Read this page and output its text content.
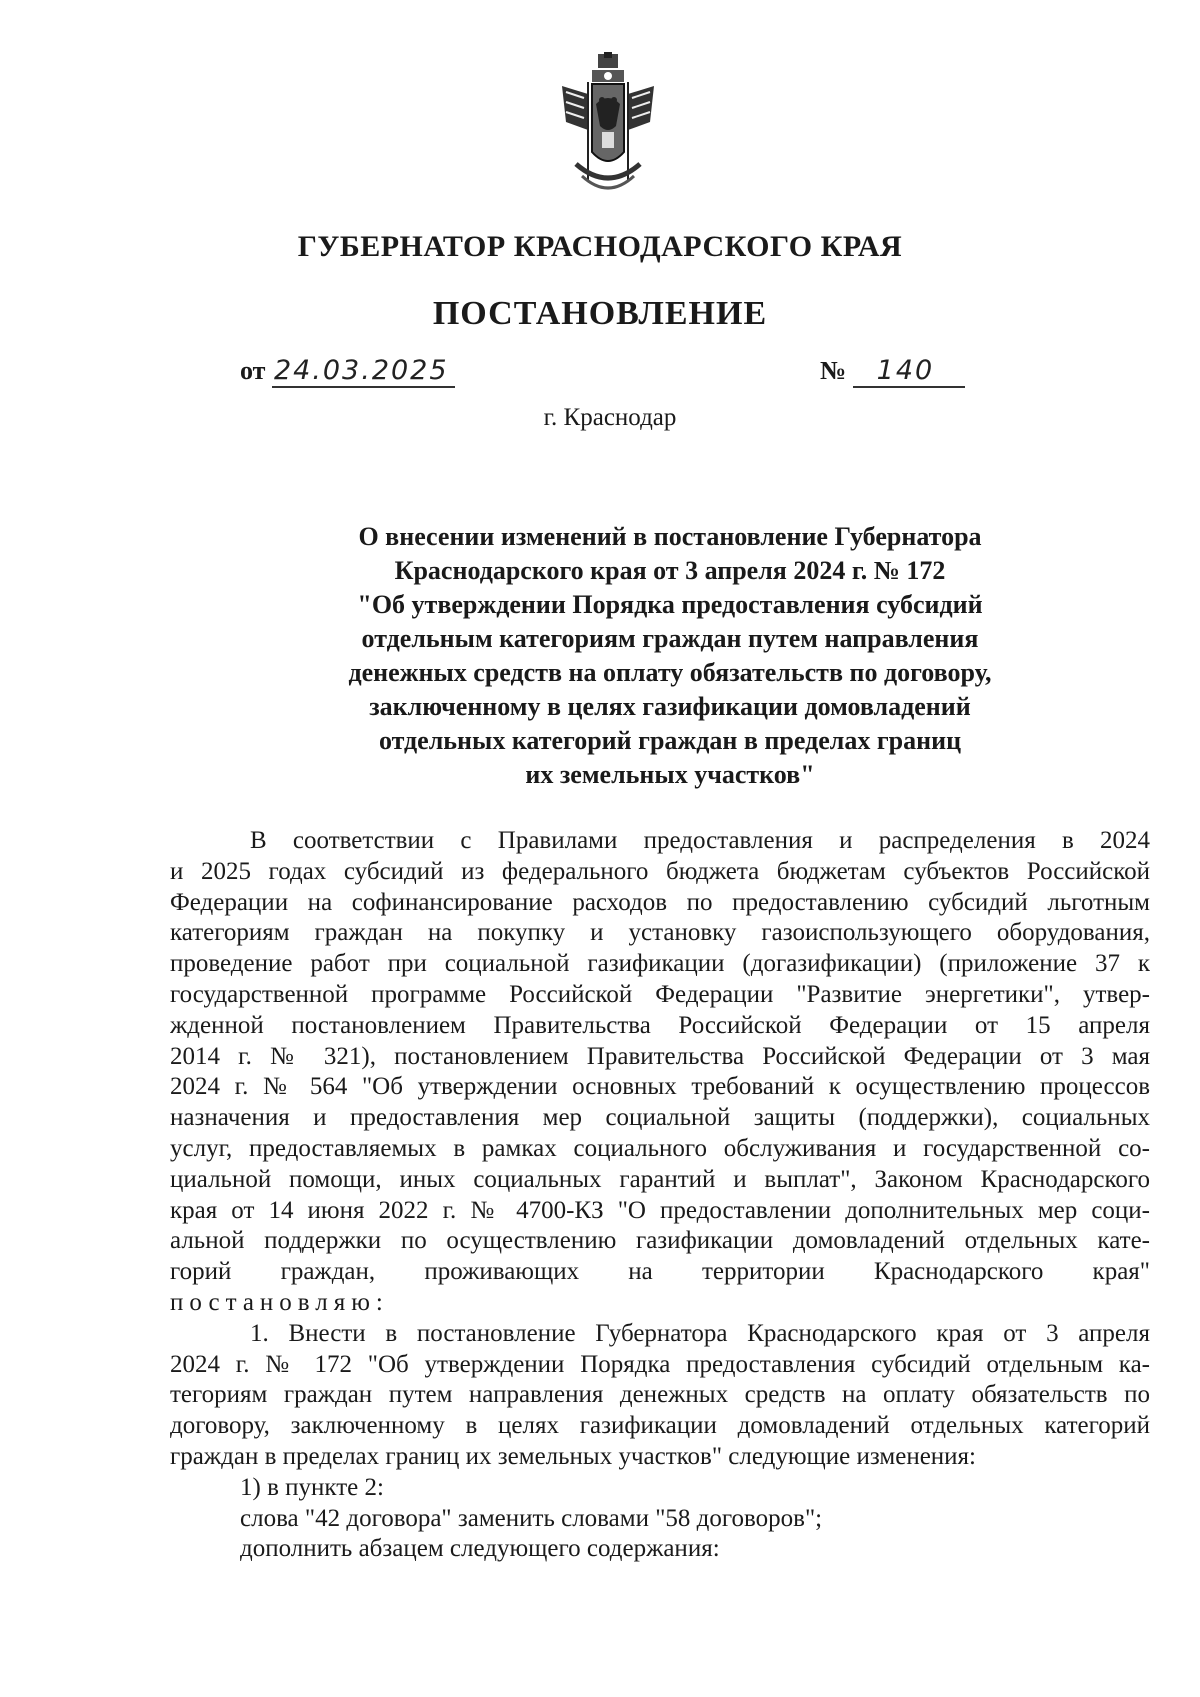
ГУБЕРНАТОР КРАСНОДАРСКОГО КРАЯ
ПОСТАНОВЛЕНИЕ
от 24.03.2025	№ 140
г. Краснодар
О внесении изменений в постановление Губернатора
Краснодарского края от 3 апреля 2024 г. № 172
"Об утверждении Порядка предоставления субсидий
отдельным категориям граждан путем направления
денежных средств на оплату обязательств по договору,
заключенному в целях газификации домовладений
отдельных категорий граждан в пределах границ
их земельных участков"
В соответствии с Правилами предоставления и распределения в 2024
и 2025 годах субсидий из федерального бюджета бюджетам субъектов Российской
Федерации на софинансирование расходов по предоставлению субсидий льготным
категориям граждан на покупку и установку газоиспользующего оборудования,
проведение работ при социальной газификации (догазификации) (приложение 37 к
государственной программе Российской Федерации "Развитие энергетики", утвер-
жденной постановлением Правительства Российской Федерации от 15 апреля
2014 г. № 321), постановлением Правительства Российской Федерации от 3 мая
2024 г. № 564 "Об утверждении основных требований к осуществлению процессов
назначения и предоставления мер социальной защиты (поддержки), социальных
услуг, предоставляемых в рамках социального обслуживания и государственной со-
циальной помощи, иных социальных гарантий и выплат", Законом Краснодарского
края от 14 июня 2022 г. № 4700-КЗ "О предоставлении дополнительных мер соци-
альной поддержки по осуществлению газификации домовладений отдельных кате-
горий граждан, проживающих на территории Краснодарского края"
постановляю:
1. Внести в постановление Губернатора Краснодарского края от 3 апреля
2024 г. № 172 "Об утверждении Порядка предоставления субсидий отдельным ка-
тегориям граждан путем направления денежных средств на оплату обязательств по
договору, заключенному в целях газификации домовладений отдельных категорий
граждан в пределах границ их земельных участков" следующие изменения:
1) в пункте 2:
слова "42 договора" заменить словами "58 договоров";
дополнить абзацем следующего содержания:
